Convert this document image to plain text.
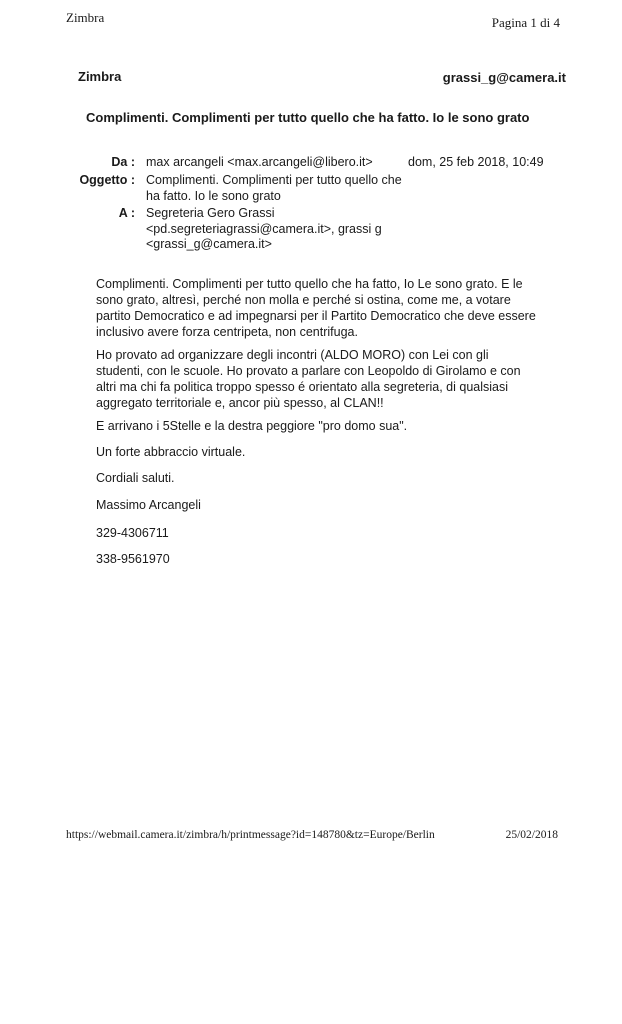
Zimbra	Pagina 1 di 4
Zimbra	grassi_g@camera.it
Complimenti. Complimenti per tutto quello che ha fatto. Io le sono grato
Da : max arcangeli <max.arcangeli@libero.it>	dom, 25 feb 2018, 10:49
Oggetto : Complimenti. Complimenti per tutto quello che ha fatto. Io le sono grato
A : Segreteria Gero Grassi <pd.segreteriagrassi@camera.it>, grassi g <grassi_g@camera.it>
Complimenti. Complimenti per tutto quello che ha fatto, Io Le sono grato. E le sono grato, altresì, perché non molla e perché si ostina, come me, a votare partito Democratico e ad impegnarsi per il Partito Democratico che deve essere inclusivo avere forza centripeta, non centrifuga.
Ho provato ad organizzare degli incontri (ALDO MORO) con Lei con gli studenti, con le scuole. Ho provato a parlare con Leopoldo di Girolamo e con altri ma chi fa politica troppo spesso é orientato alla segreteria, di qualsiasi aggregato territoriale e, ancor più spesso, al CLAN!!
E arrivano i 5Stelle e la destra peggiore "pro domo sua".
Un forte abbraccio virtuale.
Cordiali saluti.
Massimo Arcangeli
329-4306711
338-9561970
https://webmail.camera.it/zimbra/h/printmessage?id=148780&tz=Europe/Berlin	25/02/2018
